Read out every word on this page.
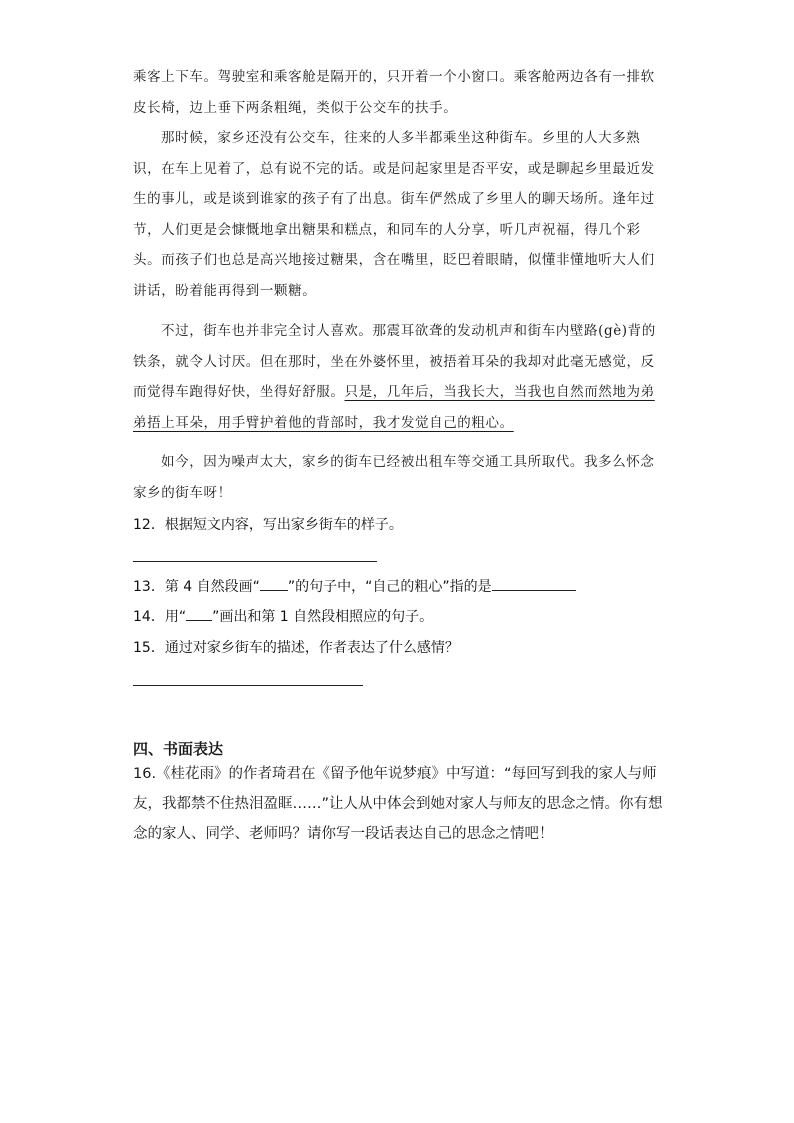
乘客上下车。驾驶室和乘客舱是隔开的，只开着一个小窗口。乘客舱两边各有一排软皮长椅，边上垂下两条粗绳，类似于公交车的扶手。
那时候，家乡还没有公交车，往来的人多半都乘坐这种街车。乡里的人大多熟识，在车上见着了，总有说不完的话。或是问起家里是否平安，或是聊起乡里最近发生的事儿，或是谈到谁家的孩子有了出息。街车俨然成了乡里人的聊天场所。逢年过节，人们更是会慷慨地拿出糖果和糕点，和同车的人分享，听几声祝福，得几个彩头。而孩子们也总是高兴地接过糖果，含在嘴里，眨巴着眼睛，似懂非懂地听大人们讲话，盼着能再得到一颗糖。
不过，街车也并非完全讨人喜欢。那震耳欲聋的发动机声和街车内壁路(gè)背的铁条，就令人讨厌。但在那时，坐在外婆怀里，被捂着耳朵的我却对此毫无感觉，反而觉得车跑得好快，坐得好舒服。只是，几年后，当我长大，当我也自然而然地为弟弟捂上耳朵，用手臂护着他的背部时，我才发觉自己的粗心。
如今，因为噪声太大，家乡的街车已经被出租车等交通工具所取代。我多么怀念家乡的街车呀！
12．根据短文内容，写出家乡街车的样子。
13．第 4 自然段画“ ”的句子中，“自己的粗心”指的是
14．用“ ”画出和第 1 自然段相照应的句子。
15．通过对家乡街车的描述，作者表达了什么感情？
四、书面表达
16.《桂花雨》的作者琦君在《留予他年说梦痕》中写道：“每回写到我的家人与师友，我都禁不住热泪盈眶……”让人从中体会到她对家人与师友的思念之情。你有想念的家人、同学、老师吗？请你写一段话表达自己的思念之情吧！
